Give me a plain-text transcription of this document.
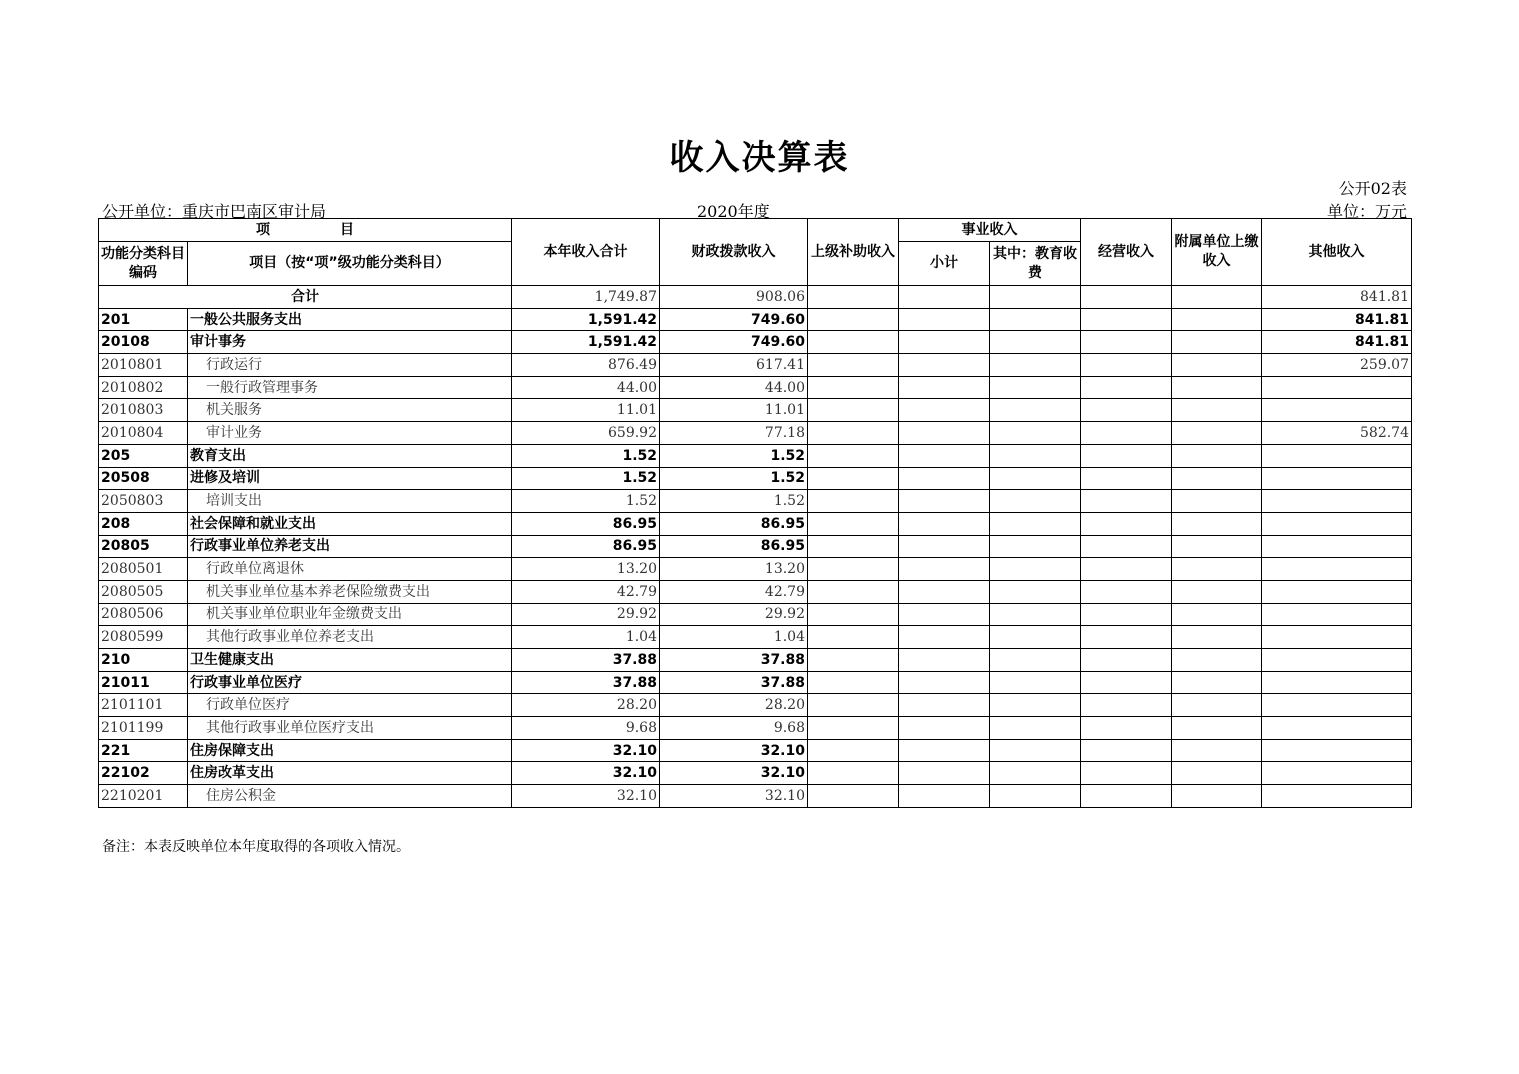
收入决算表
公开02表
公开单位：重庆市巴南区审计局	2020年度	单位：万元
项　　　　　目		本年收入合计	财政拨款收入	上级补助收入	事业收入		经营收入	附属单位上缴收入	其他收入
功能分类科目编码	项目（按“项”级功能分类科目）								
					小计	其中：教育收费			
合计		1,749.87	908.06						841.81
201	一般公共服务支出	1,591.42	749.60						841.81
20108	审计事务	1,591.42	749.60						841.81
2010801	行政运行	876.49	617.41						259.07
2010802	一般行政管理事务	44.00	44.00						
2010803	机关服务	11.01	11.01						
2010804	审计业务	659.92	77.18						582.74
205	教育支出	1.52	1.52						
20508	进修及培训	1.52	1.52						
2050803	培训支出	1.52	1.52						
208	社会保障和就业支出	86.95	86.95						
20805	行政事业单位养老支出	86.95	86.95						
2080501	行政单位离退休	13.20	13.20						
2080505	机关事业单位基本养老保险缴费支出	42.79	42.79						
2080506	机关事业单位职业年金缴费支出	29.92	29.92						
2080599	其他行政事业单位养老支出	1.04	1.04						
210	卫生健康支出	37.88	37.88						
21011	行政事业单位医疗	37.88	37.88						
2101101	行政单位医疗	28.20	28.20						
2101199	其他行政事业单位医疗支出	9.68	9.68						
221	住房保障支出	32.10	32.10						
22102	住房改革支出	32.10	32.10						
2210201	住房公积金	32.10	32.10						
备注：本表反映单位本年度取得的各项收入情况。
